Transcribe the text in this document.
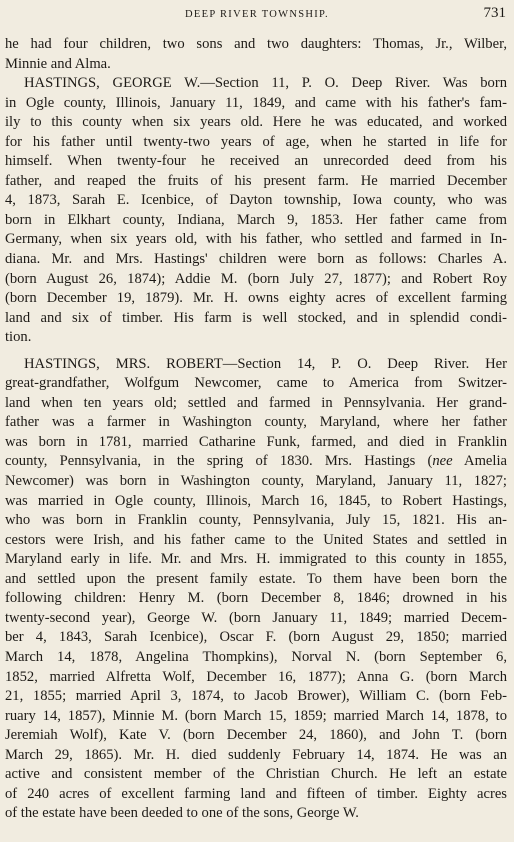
DEEP RIVER TOWNSHIP.	731
he had four children, two sons and two daughters: Thomas, Jr., Wilber,
Minnie and Alma.
HASTINGS, GEORGE W.—Section 11, P. O. Deep River. Was born
in Ogle county, Illinois, January 11, 1849, and came with his father's fam-
ily to this county when six years old. Here he was educated, and worked
for his father until twenty-two years of age, when he started in life for
himself. When twenty-four he received an unrecorded deed from his
father, and reaped the fruits of his present farm. He married December
4, 1873, Sarah E. Icenbice, of Dayton township, Iowa county, who was
born in Elkhart county, Indiana, March 9, 1853. Her father came from
Germany, when six years old, with his father, who settled and farmed in In-
diana. Mr. and Mrs. Hastings' children were born as follows: Charles A.
(born August 26, 1874); Addie M. (born July 27, 1877); and Robert Roy
(born December 19, 1879). Mr. H. owns eighty acres of excellent farming
land and six of timber. His farm is well stocked, and in splendid condi-
tion.
HASTINGS, MRS. ROBERT—Section 14, P. O. Deep River. Her
great-grandfather, Wolfgum Newcomer, came to America from Switzer-
land when ten years old; settled and farmed in Pennsylvania. Her grand-
father was a farmer in Washington county, Maryland, where her father
was born in 1781, married Catharine Funk, farmed, and died in Franklin
county, Pennsylvania, in the spring of 1830. Mrs. Hastings (nee Amelia
Newcomer) was born in Washington county, Maryland, January 11, 1827;
was married in Ogle county, Illinois, March 16, 1845, to Robert Hastings,
who was born in Franklin county, Pennsylvania, July 15, 1821. His an-
cestors were Irish, and his father came to the United States and settled in
Maryland early in life. Mr. and Mrs. H. immigrated to this county in 1855,
and settled upon the present family estate. To them have been born the
following children: Henry M. (born December 8, 1846; drowned in his
twenty-second year), George W. (born January 11, 1849; married Decem-
ber 4, 1843, Sarah Icenbice), Oscar F. (born August 29, 1850; married
March 14, 1878, Angelina Thompkins), Norval N. (born September 6,
1852, married Alfretta Wolf, December 16, 1877); Anna G. (born March
21, 1855; married April 3, 1874, to Jacob Brower), William C. (born Feb-
ruary 14, 1857), Minnie M. (born March 15, 1859; married March 14, 1878, to
Jeremiah Wolf), Kate V. (born December 24, 1860), and John T. (born
March 29, 1865). Mr. H. died suddenly February 14, 1874. He was an
active and consistent member of the Christian Church. He left an estate
of 240 acres of excellent farming land and fifteen of timber. Eighty acres
of the estate have been deeded to one of the sons, George W.
